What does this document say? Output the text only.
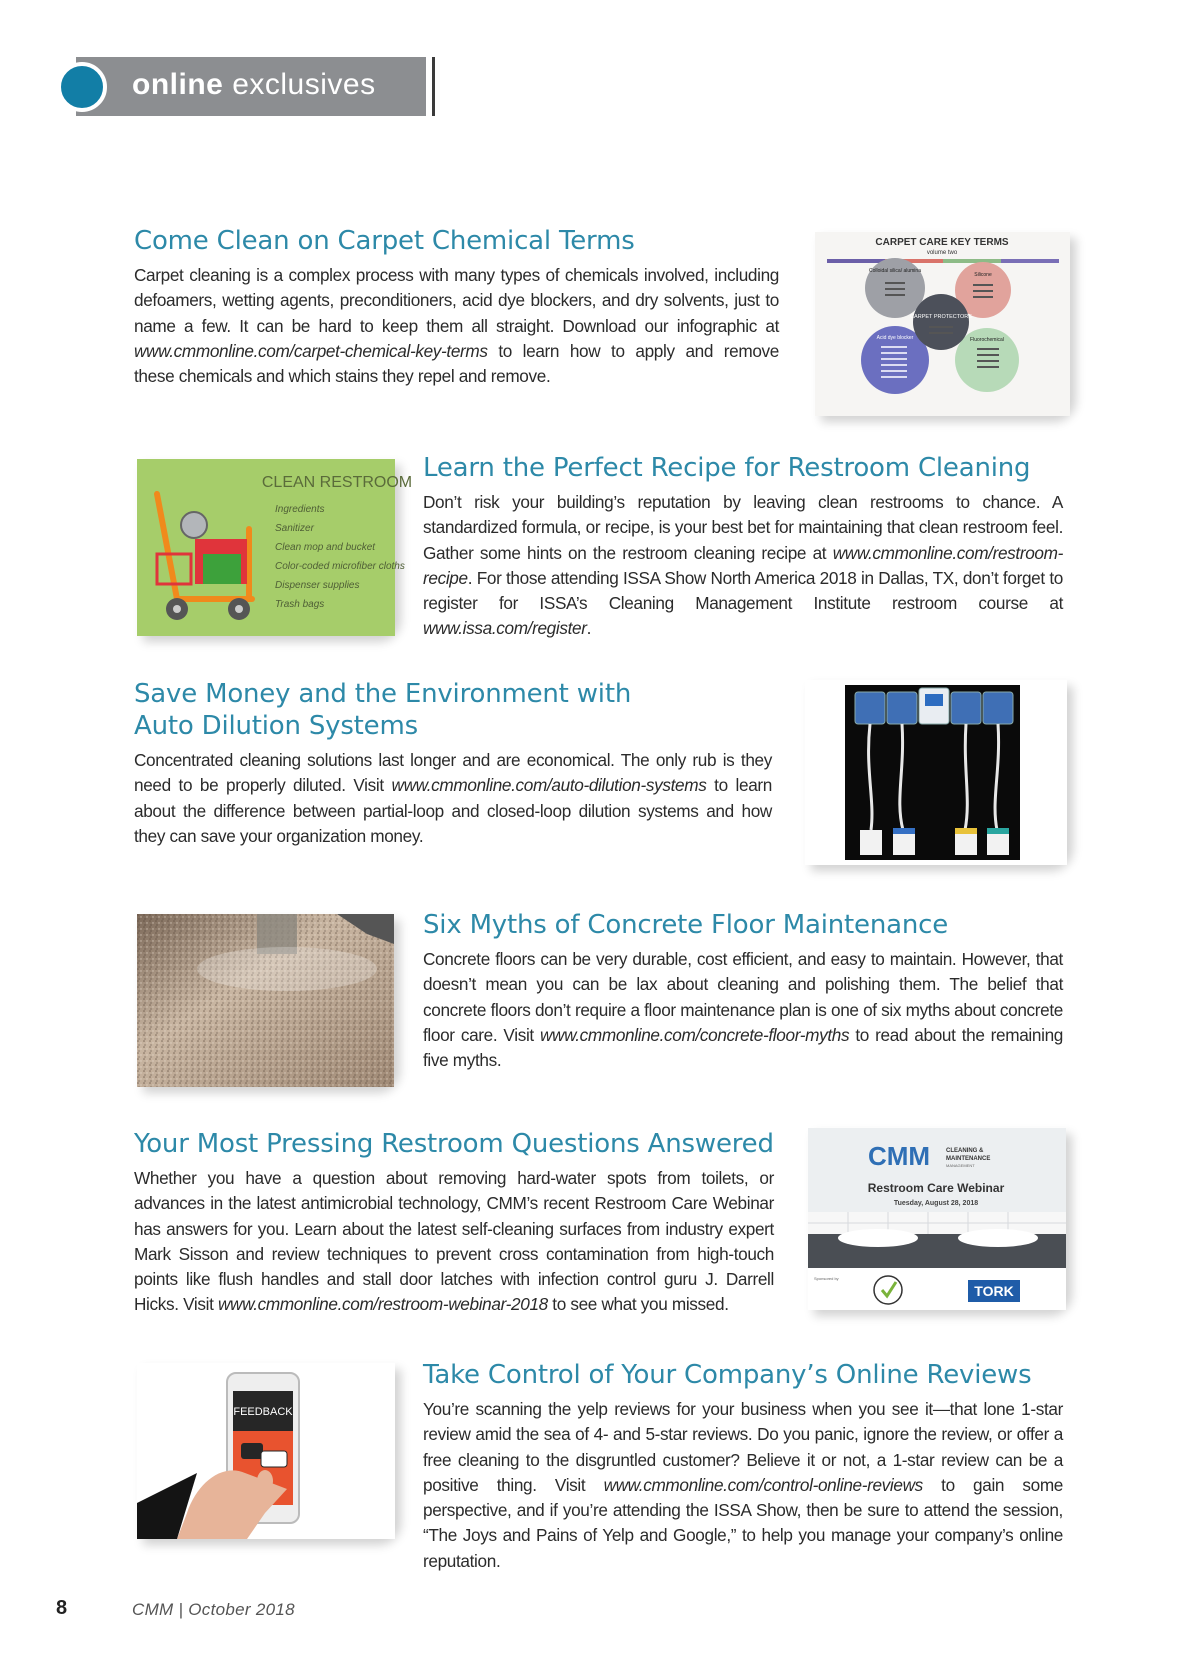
online exclusives
Come Clean on Carpet Chemical Terms

Carpet cleaning is a complex process with many types of chemicals involved, including defoamers, wetting agents, preconditioners, acid dye blockers, and dry solvents, just to name a few. It can be hard to keep them all straight. Download our infographic at www.cmmonline.com/carpet-chemical-key-terms to learn how to apply and remove these chemicals and which stains they repel and remove.

CARPET CARE KEY TERMS
volume two
Colloidal silica/ alumina
Silicone
Acid dye blocker	Fluorochemical
CARPET PROTECTORS
CLEAN RESTROOM
Ingredients
Sanitizer
Clean mop and bucket
Color-coded microfiber cloths
Dispenser supplies
Trash bags
Learn the Perfect Recipe for Restroom Cleaning

Don’t risk your building’s reputation by leaving clean restrooms to chance. A standardized formula, or recipe, is your best bet for maintaining that clean restroom feel. Gather some hints on the restroom cleaning recipe at www.cmmonline.com/restroom-recipe. For those attending ISSA Show North America 2018 in Dallas, TX, don’t forget to register for ISSA’s Cleaning Management Institute restroom course at www.issa.com/register.

Save Money and the Environment with Auto Dilution Systems

Concentrated cleaning solutions last longer and are economical. The only rub is they need to be properly diluted. Visit www.cmmonline.com/auto-dilution-systems to learn about the difference between partial-loop and closed-loop dilution systems and how they can save your organization money.

Six Myths of Concrete Floor Maintenance

Concrete floors can be very durable, cost efficient, and easy to maintain. However, that doesn’t mean you can be lax about cleaning and polishing them. The belief that concrete floors don’t require a floor maintenance plan is one of six myths about concrete floor care. Visit www.cmmonline.com/concrete-floor-myths to read about the remaining five myths.

Your Most Pressing Restroom Questions Answered

Whether you have a question about removing hard-water spots from toilets, or advances in the latest antimicrobial technology, CMM’s recent Restroom Care Webinar has answers for you. Learn about the latest self-cleaning surfaces from industry expert Mark Sisson and review techniques to prevent cross contamination from high-touch points like flush handles and stall door latches with infection control guru J. Darrell Hicks. Visit www.cmmonline.com/restroom-webinar-2018 to see what you missed.

CMM	CLEANING &
MAINTENANCE
MANAGEMENT
Restroom Care Webinar
Tuesday, August 28, 2018
Sponsored by
TORK
FEEDBACK
Take Control of Your Company’s Online Reviews

You’re scanning the yelp reviews for your business when you see it—that lone 1-star review amid the sea of 4- and 5-star reviews. Do you panic, ignore the review, or offer a free cleaning to the disgruntled customer? Believe it or not, a 1-star review can be a positive thing. Visit www.cmmonline.com/control-online-reviews to gain some perspective, and if you’re attending the ISSA Show, then be sure to attend the session, “The Joys and Pains of Yelp and Google,” to help you manage your company’s online reputation.

8	CMM | October 2018
